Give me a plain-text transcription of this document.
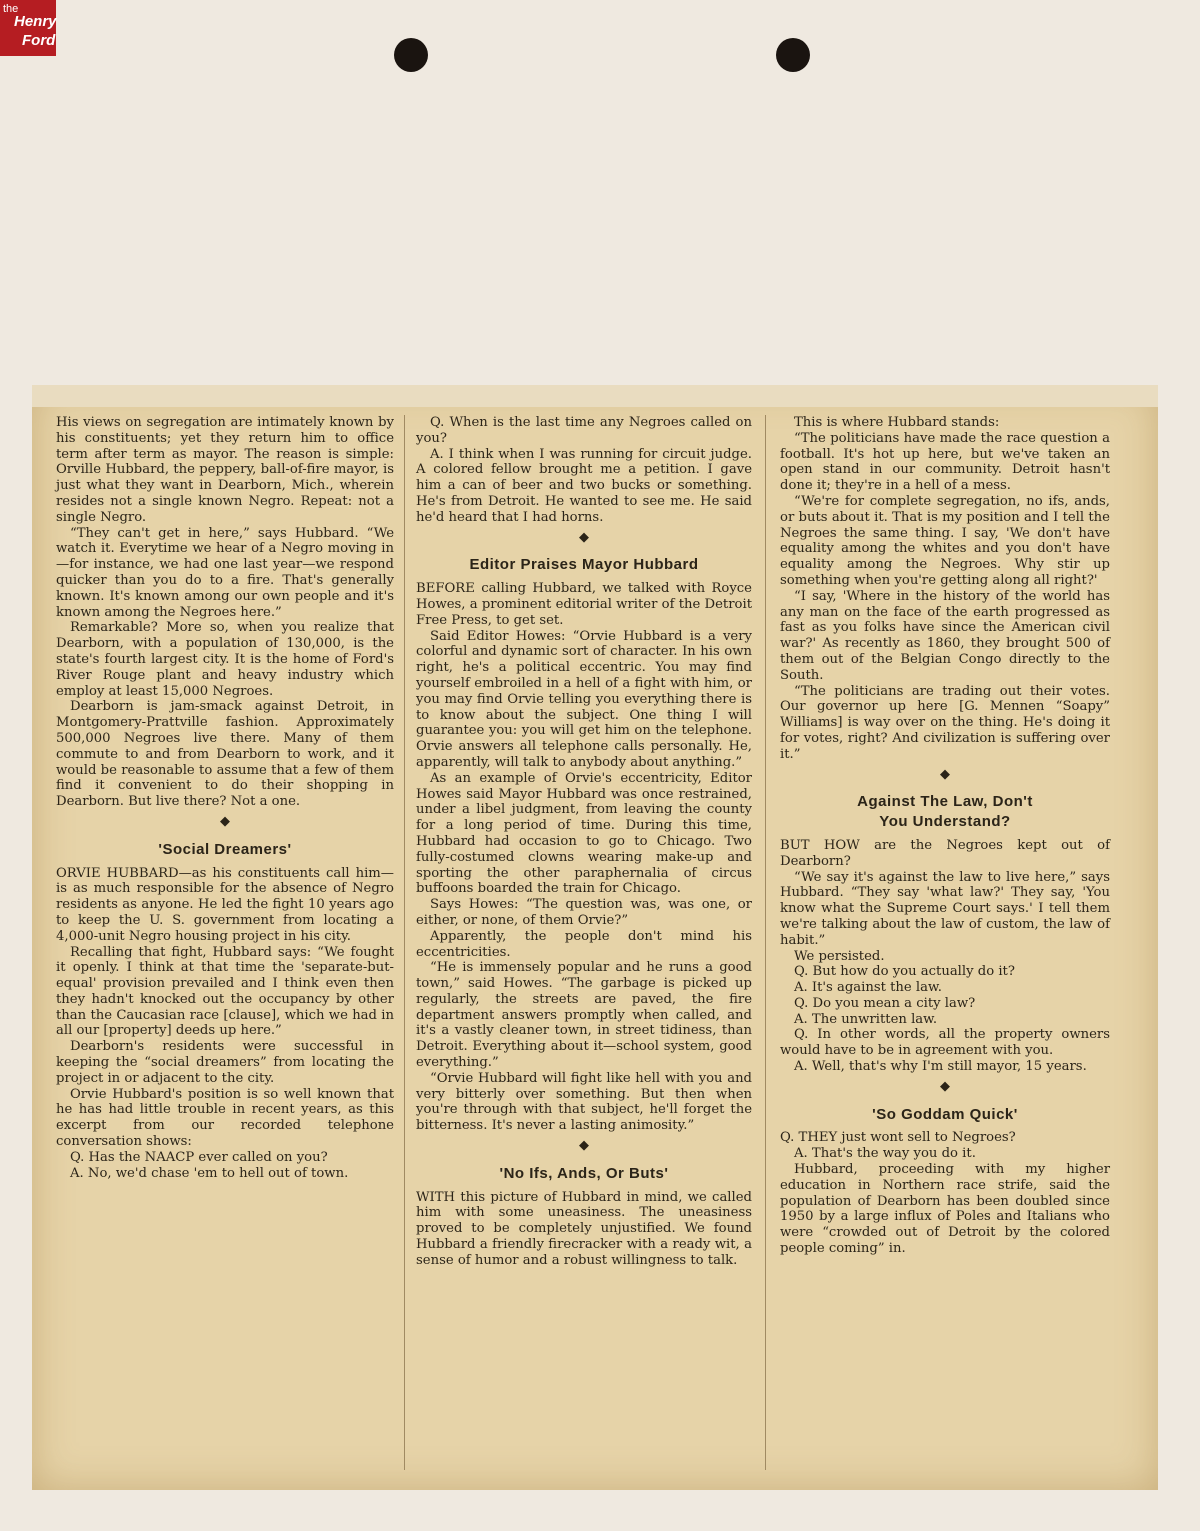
the
Henry
Ford

His views on segregation are intimately known by his constituents; yet they return him to office term after term as mayor. The reason is simple: Orville Hubbard, the peppery, ball-of-fire mayor, is just what they want in Dearborn, Mich., wherein resides not a single known Negro. Repeat: not a single Negro.

“They can't get in here,” says Hubbard. “We watch it. Everytime we hear of a Negro moving in—for instance, we had one last year—we respond quicker than you do to a fire. That's generally known. It's known among our own people and it's known among the Negroes here.”

Remarkable? More so, when you realize that Dearborn, with a population of 130,000, is the state's fourth largest city. It is the home of Ford's River Rouge plant and heavy industry which employ at least 15,000 Negroes.

Dearborn is jam-smack against Detroit, in Montgomery-Prattville fashion. Approximately 500,000 Negroes live there. Many of them commute to and from Dearborn to work, and it would be reasonable to assume that a few of them find it convenient to do their shopping in Dearborn. But live there? Not a one.

◆

'Social Dreamers'

ORVIE HUBBARD—as his constituents call him—is as much responsible for the absence of Negro residents as anyone. He led the fight 10 years ago to keep the U. S. government from locating a 4,000-unit Negro housing project in his city.

Recalling that fight, Hubbard says: “We fought it openly. I think at that time the 'separate-but-equal' provision prevailed and I think even then they hadn't knocked out the occupancy by other than the Caucasian race [clause], which we had in all our [property] deeds up here.”

Dearborn's residents were successful in keeping the “social dreamers” from locating the project in or adjacent to the city.

Orvie Hubbard's position is so well known that he has had little trouble in recent years, as this excerpt from our recorded telephone conversation shows:

Q. Has the NAACP ever called on you?

A. No, we'd chase 'em to hell out of town.

Q. When is the last time any Negroes called on you?

A. I think when I was running for circuit judge. A colored fellow brought me a petition. I gave him a can of beer and two bucks or something. He's from Detroit. He wanted to see me. He said he'd heard that I had horns.

◆

Editor Praises Mayor Hubbard

BEFORE calling Hubbard, we talked with Royce Howes, a prominent editorial writer of the Detroit Free Press, to get set.

Said Editor Howes: “Orvie Hubbard is a very colorful and dynamic sort of character. In his own right, he's a political eccentric. You may find yourself embroiled in a hell of a fight with him, or you may find Orvie telling you everything there is to know about the subject. One thing I will guarantee you: you will get him on the telephone. Orvie answers all telephone calls personally. He, apparently, will talk to anybody about anything.”

As an example of Orvie's eccentricity, Editor Howes said Mayor Hubbard was once restrained, under a libel judgment, from leaving the county for a long period of time. During this time, Hubbard had occasion to go to Chicago. Two fully-costumed clowns wearing make-up and sporting the other paraphernalia of circus buffoons boarded the train for Chicago.

Says Howes: “The question was, was one, or either, or none, of them Orvie?”

Apparently, the people don't mind his eccentricities.

“He is immensely popular and he runs a good town,” said Howes. “The garbage is picked up regularly, the streets are paved, the fire department answers promptly when called, and it's a vastly cleaner town, in street tidiness, than Detroit. Everything about it—school system, good everything.”

“Orvie Hubbard will fight like hell with you and very bitterly over something. But then when you're through with that subject, he'll forget the bitterness. It's never a lasting animosity.”

◆

'No Ifs, Ands, Or Buts'

WITH this picture of Hubbard in mind, we called him with some uneasiness. The uneasiness proved to be completely unjustified. We found Hubbard a friendly firecracker with a ready wit, a sense of humor and a robust willingness to talk.

This is where Hubbard stands:

“The politicians have made the race question a football. It's hot up here, but we've taken an open stand in our community. Detroit hasn't done it; they're in a hell of a mess.

“We're for complete segregation, no ifs, ands, or buts about it. That is my position and I tell the Negroes the same thing. I say, 'We don't have equality among the whites and you don't have equality among the Negroes. Why stir up something when you're getting along all right?'

“I say, 'Where in the history of the world has any man on the face of the earth progressed as fast as you folks have since the American civil war?' As recently as 1860, they brought 500 of them out of the Belgian Congo directly to the South.

“The politicians are trading out their votes. Our governor up here [G. Mennen “Soapy” Williams] is way over on the thing. He's doing it for votes, right? And civilization is suffering over it.”

◆

Against The Law, Don't

You Understand?

BUT HOW are the Negroes kept out of Dearborn?

“We say it's against the law to live here,” says Hubbard. “They say 'what law?' They say, 'You know what the Supreme Court says.' I tell them we're talking about the law of custom, the law of habit.”

We persisted.

Q. But how do you actually do it?

A. It's against the law.

Q. Do you mean a city law?

A. The unwritten law.

Q. In other words, all the property owners would have to be in agreement with you.

A. Well, that's why I'm still mayor, 15 years.

◆

'So Goddam Quick'

Q. THEY just wont sell to Negroes?

A. That's the way you do it.

Hubbard, proceeding with my higher education in Northern race strife, said the population of Dearborn has been doubled since 1950 by a large influx of Poles and Italians who were “crowded out of Detroit by the colored people coming” in.
